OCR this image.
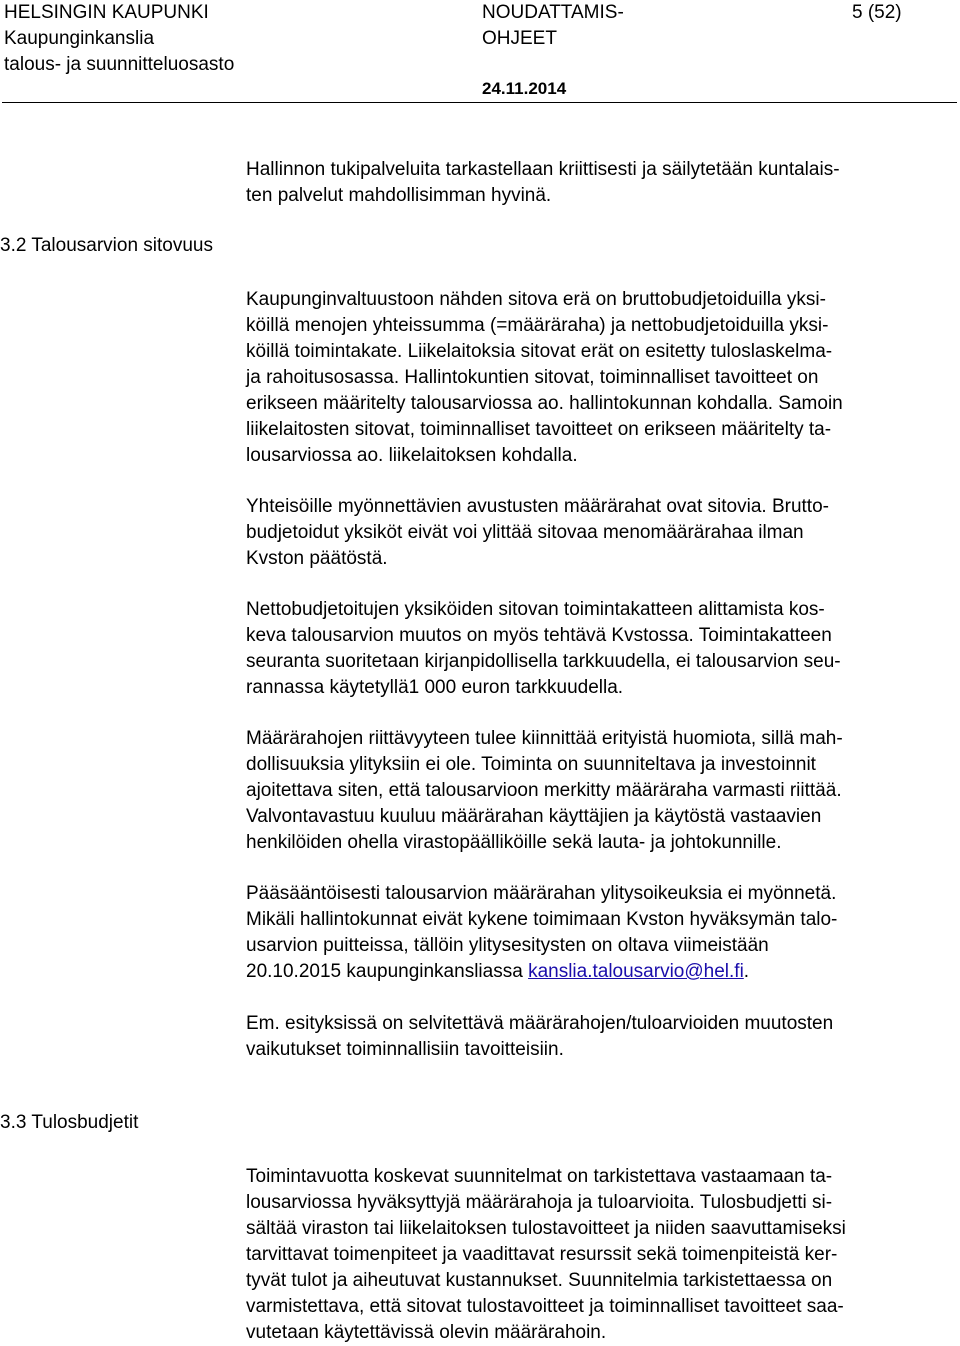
HELSINGIN KAUPUNKI
Kaupunginkanslia
talous- ja suunnitteluosasto
NOUDATTAMIS-
OHJEET
5 (52)
24.11.2014
Hallinnon tukipalveluita tarkastellaan kriittisesti ja säilytetään kuntalais-
ten palvelut mahdollisimman hyvinä.
3.2 Talousarvion sitovuus
Kaupunginvaltuustoon nähden sitova erä on bruttobudjetoiduilla yksi-
köillä menojen yhteissumma (=määräraha) ja nettobudjetoiduilla yksi-
köillä toimintakate. Liikelaitoksia sitovat erät on esitetty tuloslaskelma-
ja rahoitusosassa. Hallintokuntien sitovat, toiminnalliset tavoitteet on
erikseen määritelty talousarviossa ao. hallintokunnan kohdalla. Samoin
liikelaitosten sitovat, toiminnalliset tavoitteet on erikseen määritelty ta-
lousarviossa ao. liikelaitoksen kohdalla.
Yhteisöille myönnettävien avustusten määrärahat ovat sitovia. Brutto-
budjetoidut yksiköt eivät voi ylittää sitovaa menomäärärahaa ilman
Kvston päätöstä.
Nettobudjetoitujen yksiköiden sitovan toimintakatteen alittamista kos-
keva talousarvion muutos on myös tehtävä Kvstossa. Toimintakatteen
seuranta suoritetaan kirjanpidollisella tarkkuudella, ei talousarvion seu-
rannassa käytetyllä1 000 euron tarkkuudella.
Määrärahojen riittävyyteen tulee kiinnittää erityistä huomiota, sillä mah-
dollisuuksia ylityksiin ei ole. Toiminta on suunniteltava ja investoinnit
ajoitettava siten, että talousarvioon merkitty määräraha varmasti riittää.
Valvontavastuu kuuluu määrärahan käyttäjien ja käytöstä vastaavien
henkilöiden ohella virastopäälliköille sekä lauta- ja johtokunnille.
Pääsääntöisesti talousarvion määrärahan ylitysoikeuksia ei myönnetä.
Mikäli hallintokunnat eivät kykene toimimaan Kvston hyväksymän talo-
usarvion puitteissa, tällöin ylitysesitysten on oltava viimeistään
20.10.2015 kaupunginkansliassa kanslia.talousarvio@hel.fi.
Em. esityksissä on selvitettävä määrärahojen/tuloarvioiden muutosten
vaikutukset toiminnallisiin tavoitteisiin.
3.3 Tulosbudjetit
Toimintavuotta koskevat suunnitelmat on tarkistettava vastaamaan ta-
lousarviossa hyväksyttyjä määrärahoja ja tuloarvioita. Tulosbudjetti si-
sältää viraston tai liikelaitoksen tulostavoitteet ja niiden saavuttamiseksi
tarvittavat toimenpiteet ja vaadittavat resurssit sekä toimenpiteistä ker-
tyvät tulot ja aiheutuvat kustannukset. Suunnitelmia tarkistettaessa on
varmistettava, että sitovat tulostavoitteet ja toiminnalliset tavoitteet saa-
vutetaan käytettävissä olevin määrärahoin.
